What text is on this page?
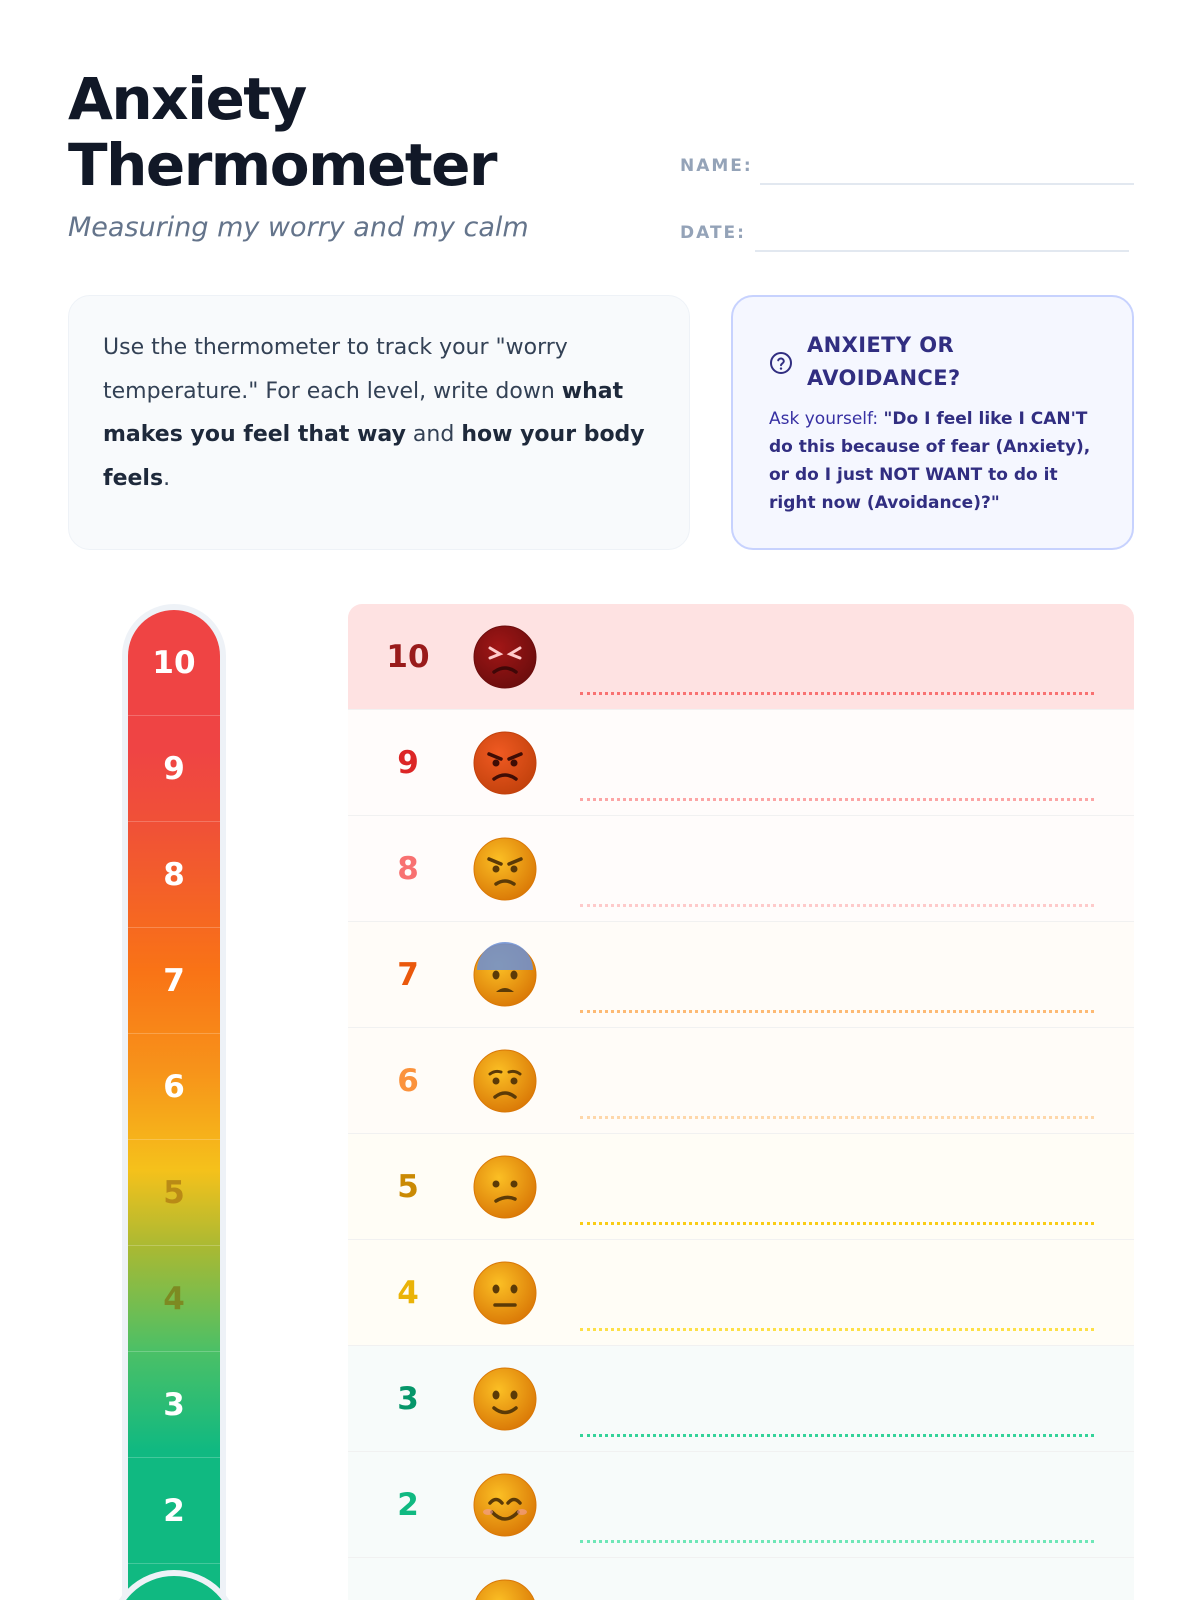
Anxiety Thermometer
Measuring my worry and my calm
NAME:
DATE:
Use the thermometer to track your "worry temperature." For each level, write down what makes you feel that way and how your body feels.
ANXIETY OR AVOIDANCE?
Ask yourself: "Do I feel like I CAN'T do this because of fear (Anxiety), or do I just NOT WANT to do it right now (Avoidance)?"
10
9
8
7
6
5
4
3
2
10
9
8
7
6
5
4
3
2
